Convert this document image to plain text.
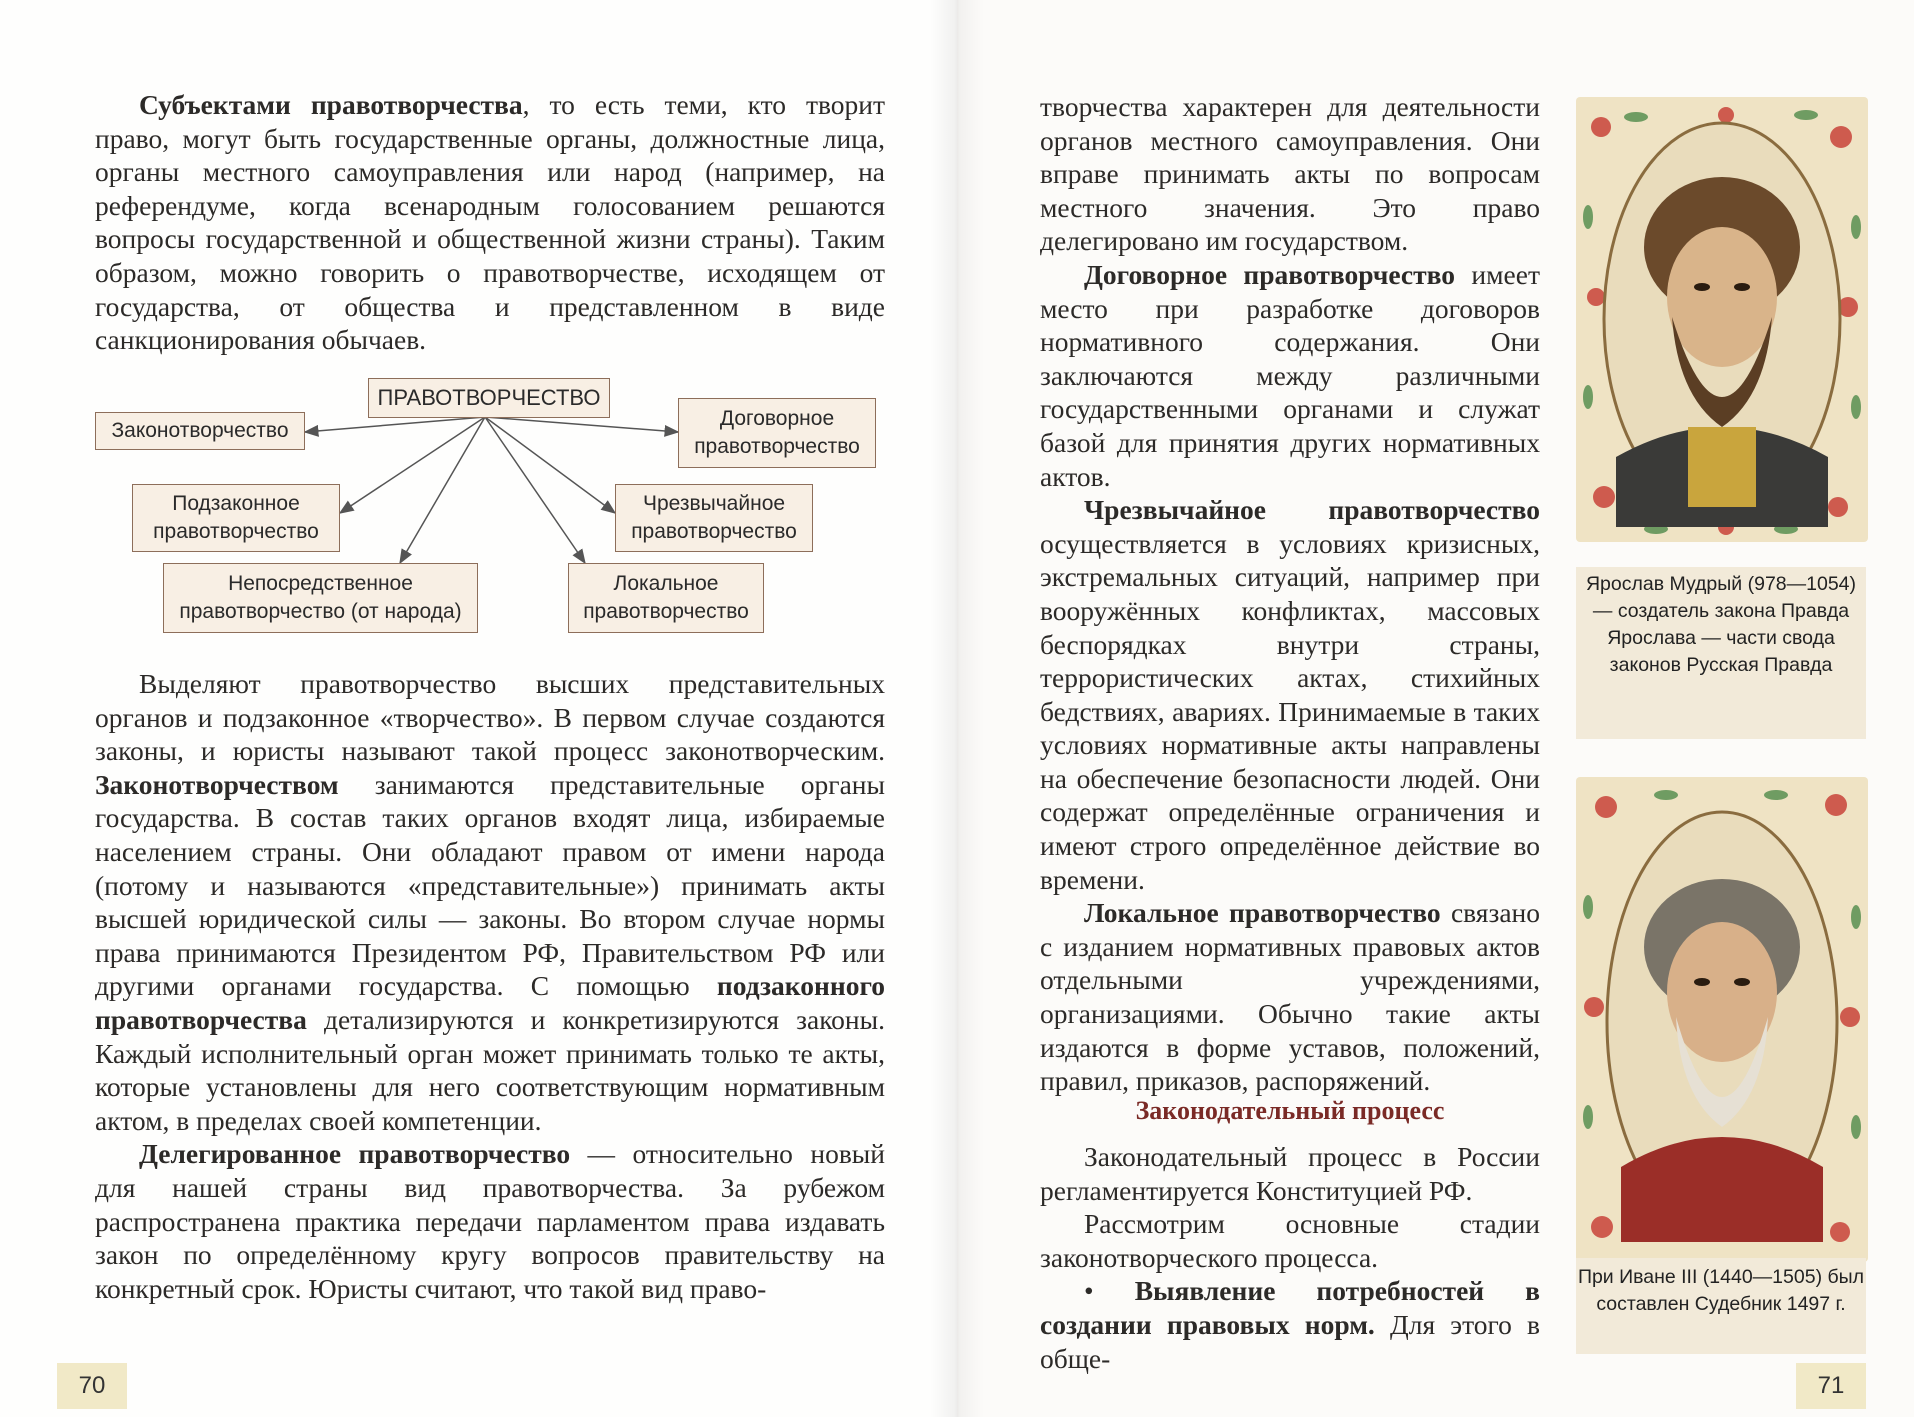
Субъектами правотворчества, то есть теми, кто творит право, могут быть государственные органы, должностные лица, органы местного самоуправления или народ (например, на референдуме, когда всенародным голосованием решаются вопросы государственной и общественной жизни страны). Таким образом, можно говорить о правотворчестве, исходящем от государства, от общества и представленном в виде санкционирования обычаев.

ПРАВОТВОРЧЕСТВО
Законотворчество
Договорное правотворчество
Подзаконное правотворчество
Чрезвычайное правотворчество
Непосредственное правотворчество (от народа)
Локальное правотворчество

Выделяют правотворчество высших представительных органов и подзаконное «творчество». В первом случае создаются законы, и юристы называют такой процесс законотворческим. Законотворчеством занимаются представительные органы государства. В состав таких органов входят лица, избираемые населением страны. Они обладают правом от имени народа (потому и называются «представительные») принимать акты высшей юридической силы — законы. Во втором случае нормы права принимаются Президентом РФ, Правительством РФ или другими органами государства. С помощью подзаконного правотворчества детализируются и конкретизируются законы. Каждый исполнительный орган может принимать только те акты, которые установлены для него соответствующим нормативным актом, в пределах своей компетенции.

Делегированное правотворчество — относительно новый для нашей страны вид правотворчества. За рубежом распространена практика передачи парламентом права издавать закон по определённому кругу вопросов правительству на конкретный срок. Юристы считают, что такой вид право-

70

творчества характерен для деятельности органов местного самоуправления. Они вправе принимать акты по вопросам местного значения. Это право делегировано им государством.

Договорное правотворчество имеет место при разработке договоров нормативного содержания. Они заключаются между различными государственными органами и служат базой для принятия других нормативных актов.

Чрезвычайное правотворчество осуществляется в условиях кризисных, экстремальных ситуаций, например при вооружённых конфликтах, массовых беспорядках внутри страны, террористических актах, стихийных бедствиях, авариях. Принимаемые в таких условиях нормативные акты направлены на обеспечение безопасности людей. Они содержат определённые ограничения и имеют строго определённое действие во времени.

Локальное правотворчество связано с изданием нормативных правовых актов отдельными учреждениями, организациями. Обычно такие акты издаются в форме уставов, положений, правил, приказов, распоряжений.

Законодательный процесс

Законодательный процесс в России регламентируется Конституцией РФ.

Рассмотрим основные стадии законотворческого процесса.

• Выявление потребностей в создании правовых норм. Для этого в обще-

Ярослав Мудрый (978—1054) — создатель закона Правда Ярослава — части свода законов Русская Правда
При Иване III (1440—1505) был составлен Судебник 1497 г.
71
